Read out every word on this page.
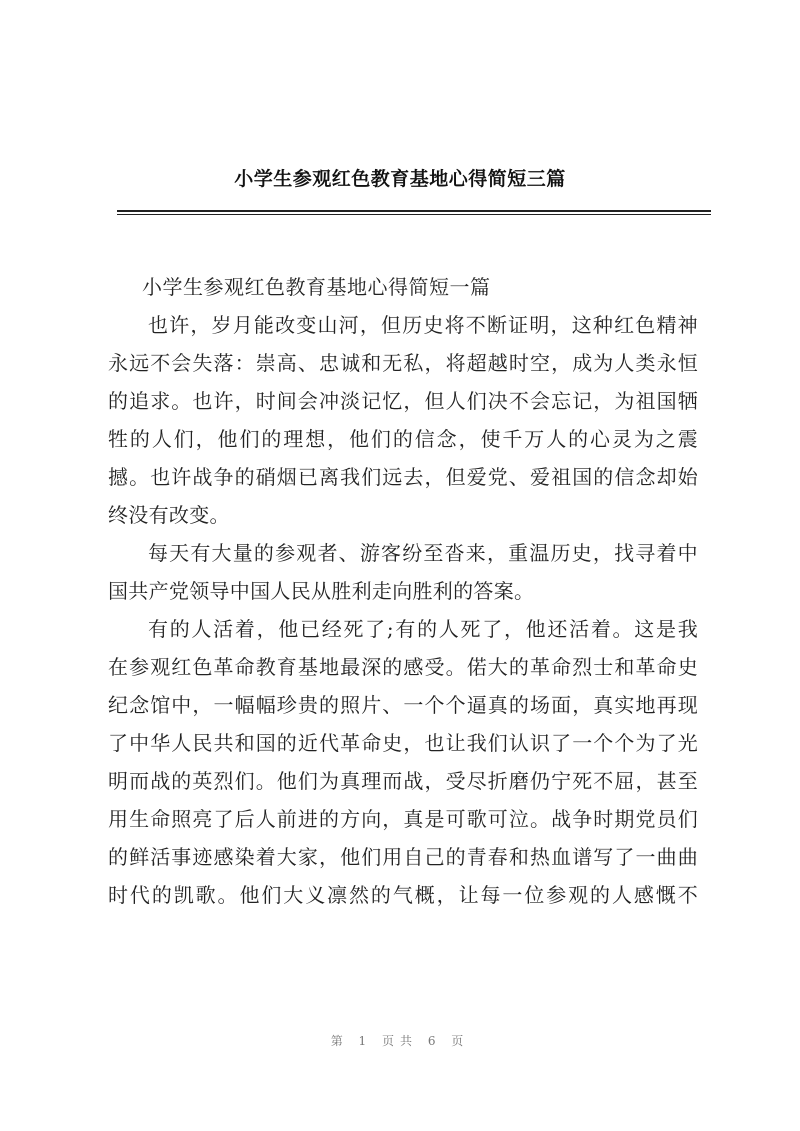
小学生参观红色教育基地心得简短三篇
小学生参观红色教育基地心得简短一篇
也许，岁月能改变山河，但历史将不断证明，这种红色精神
永远不会失落：崇高、忠诚和无私，将超越时空，成为人类永恒
的追求。也许，时间会冲淡记忆，但人们决不会忘记，为祖国牺
牲的人们，他们的理想，他们的信念，使千万人的心灵为之震
撼。也许战争的硝烟已离我们远去，但爱党、爱祖国的信念却始
终没有改变。
每天有大量的参观者、游客纷至沓来，重温历史，找寻着中
国共产党领导中国人民从胜利走向胜利的答案。
有的人活着，他已经死了;有的人死了，他还活着。这是我
在参观红色革命教育基地最深的感受。偌大的革命烈士和革命史
纪念馆中，一幅幅珍贵的照片、一个个逼真的场面，真实地再现
了中华人民共和国的近代革命史，也让我们认识了一个个为了光
明而战的英烈们。他们为真理而战，受尽折磨仍宁死不屈，甚至
用生命照亮了后人前进的方向，真是可歌可泣。战争时期党员们
的鲜活事迹感染着大家，他们用自己的青春和热血谱写了一曲曲
时代的凯歌。他们大义凛然的气概，让每一位参观的人感慨不
第 1 页共 6 页
